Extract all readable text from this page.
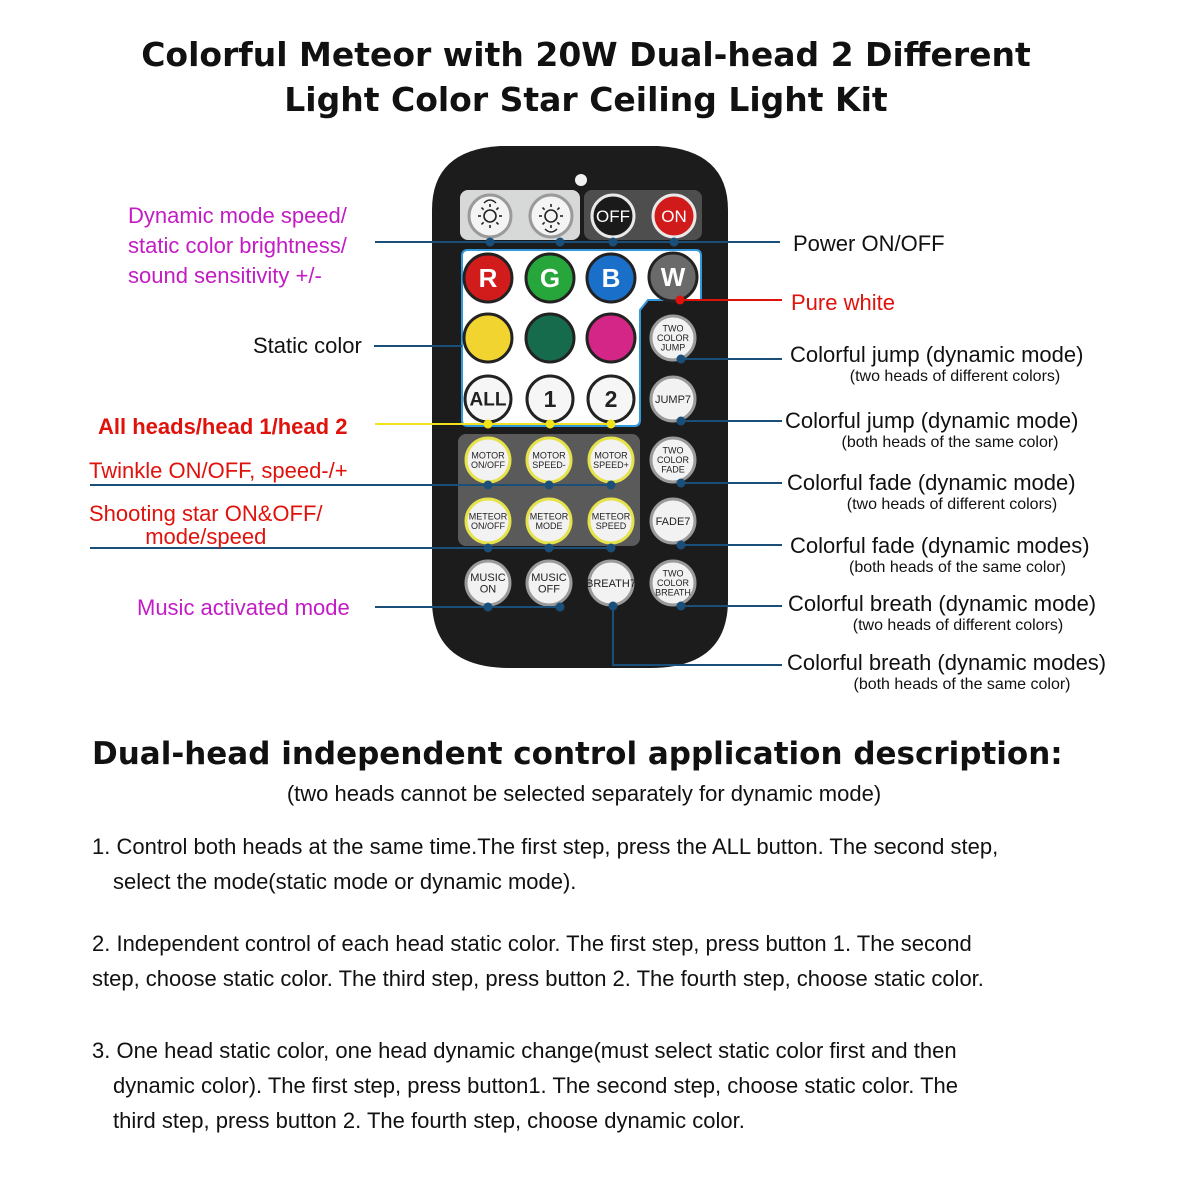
Colorful Meteor with 20W Dual-head 2 Different
Light Color Star Ceiling Light Kit
OFF ON
R G B W
ALL 1 2
TWO
COLOR
JUMP
JUMP7
TWO
COLOR
FADE
FADE7
BREATH7
TWO
COLOR
BREATH
MOTOR
ON/OFF
MOTOR
SPEED-
MOTOR
SPEED+
METEOR
ON/OFF
METEOR
MODE
METEOR
SPEED
MUSIC
ON
MUSIC
OFF
Dynamic mode speed/
static color brightness/
sound sensitivity +/-
Static color
All heads/head 1/head 2
Twinkle ON/OFF, speed-/+
Shooting star ON&OFF/
mode/speed
Music activated mode
Power ON/OFF
Pure white
Colorful jump (dynamic mode)
(two heads of different colors)
Colorful jump (dynamic mode)
(both heads of the same color)
Colorful fade (dynamic mode)
(two heads of different colors)
Colorful fade (dynamic modes)
(both heads of the same color)
Colorful breath (dynamic mode)
(two heads of different colors)
Colorful breath (dynamic modes)
(both heads of the same color)
Dual-head independent control application description:
(two heads cannot be selected separately for dynamic mode)
1. Control both heads at the same time.The first step, press the ALL button. The second step,
select the mode(static mode or dynamic mode).
2. Independent control of each head static color. The first step, press button 1. The second
step, choose static color. The third step, press button 2. The fourth step, choose static color.
3. One head static color, one head dynamic change(must select static color first and then
dynamic color). The first step, press button1. The second step, choose static color. The
third step, press button 2. The fourth step, choose dynamic color.
